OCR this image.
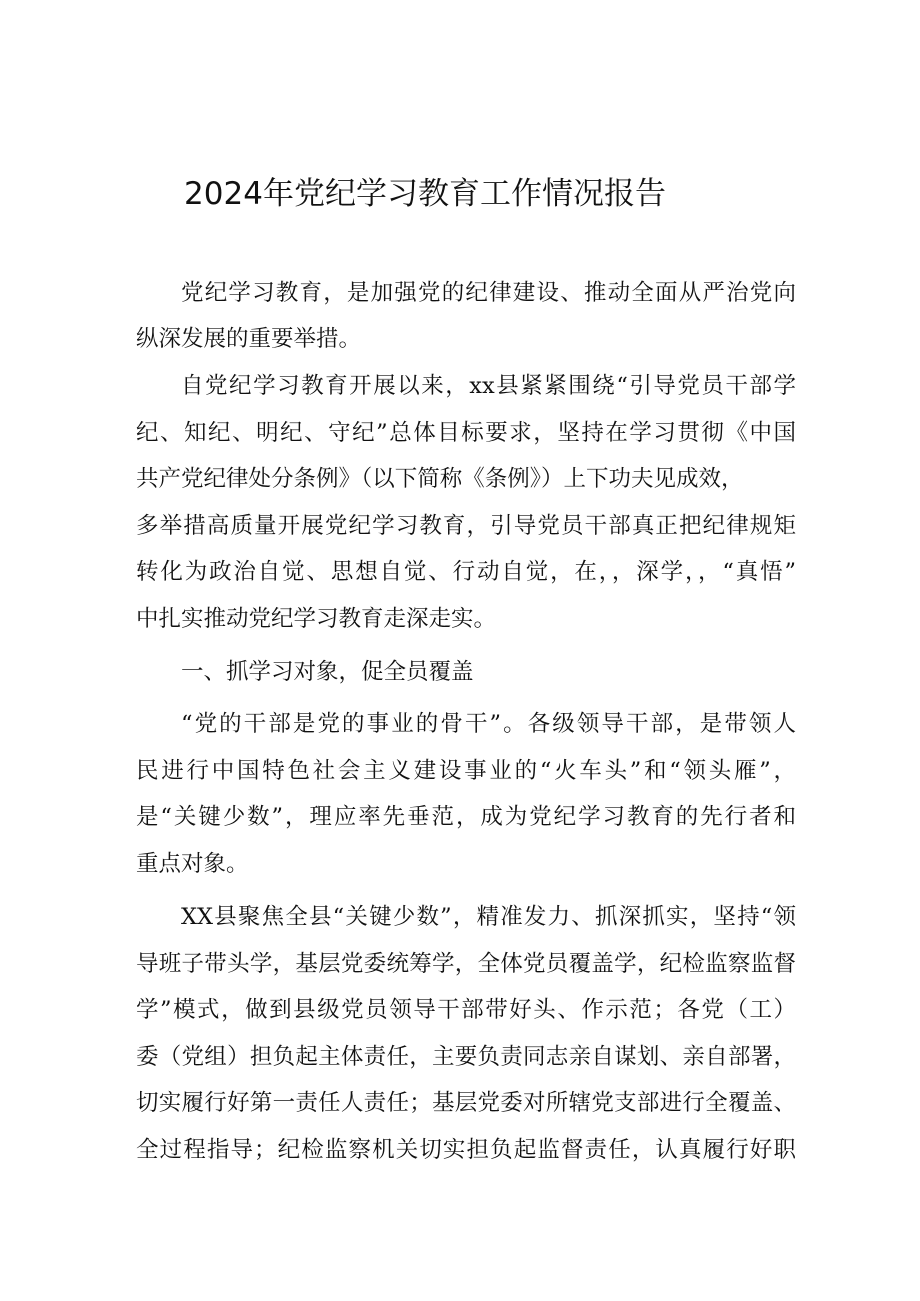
2024年党纪学习教育工作情况报告
党纪学习教育，是加强党的纪律建设、推动全面从严治党向
纵深发展的重要举措。
自党纪学习教育开展以来，xx县紧紧围绕“引导党员干部学
纪、知纪、明纪、守纪”总体目标要求，坚持在学习贯彻《中国
共产党纪律处分条例》（以下简称《条例》）上下功夫见成效，
多举措高质量开展党纪学习教育，引导党员干部真正把纪律规矩
转化为政治自觉、思想自觉、行动自觉，在，，深学，，“真悟”
中扎实推动党纪学习教育走深走实。
一、抓学习对象，促全员覆盖
“党的干部是党的事业的骨干”。各级领导干部，是带领人
民进行中国特色社会主义建设事业的“火车头”和“领头雁”，
是“关键少数”，理应率先垂范，成为党纪学习教育的先行者和
重点对象。
XX县聚焦全县“关键少数”，精准发力、抓深抓实，坚持“领
导班子带头学，基层党委统筹学，全体党员覆盖学，纪检监察监督
学”模式，做到县级党员领导干部带好头、作示范；各党（工）
委（党组）担负起主体责任，主要负责同志亲自谋划、亲自部署，
切实履行好第一责任人责任；基层党委对所辖党支部进行全覆盖、
全过程指导；纪检监察机关切实担负起监督责任，认真履行好职
